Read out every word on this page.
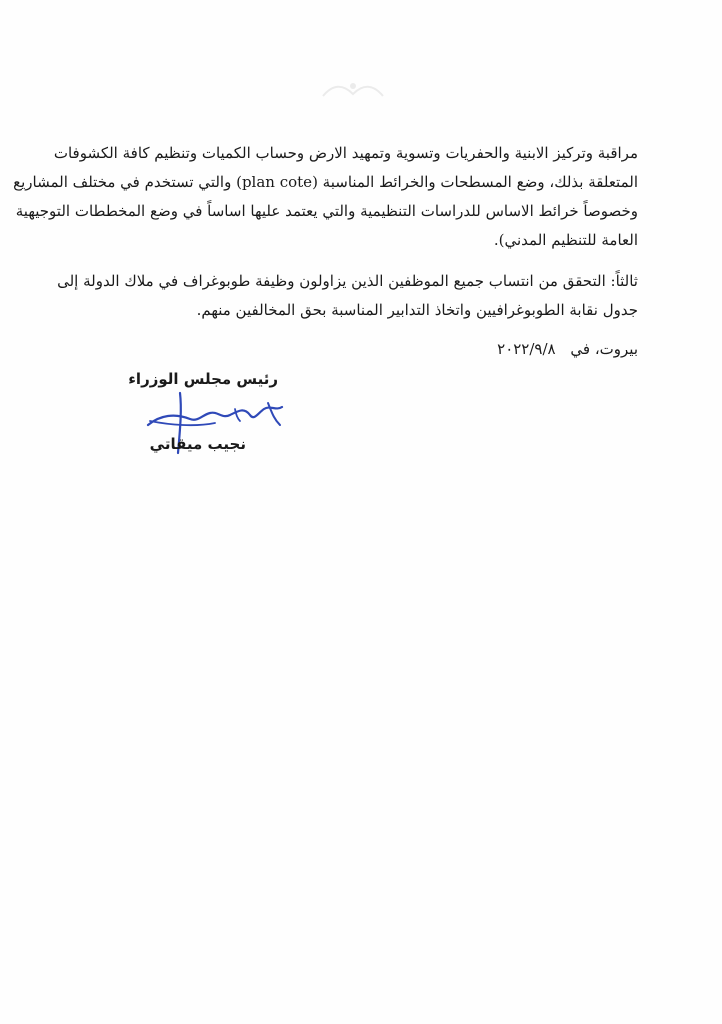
مراقبة وتركيز الابنية والحفريات وتسوية وتمهيد الارض وحساب الكميات وتنظيم كافة الكشوفات
المتعلقة بذلك، وضع المسطحات والخرائط المناسبة (plan cote) والتي تستخدم في مختلف المشاريع
وخصوصاً خرائط الاساس للدراسات التنظيمية والتي يعتمد عليها اساساً في وضع المخططات التوجيهية
العامة للتنظيم المدني).
ثالثاً: التحقق من انتساب جميع الموظفين الذين يزاولون وظيفة طوبوغراف في ملاك الدولة إلى
جدول نقابة الطوبوغرافيين واتخاذ التدابير المناسبة بحق المخالفين منهم.
بيروت، في ٢٠٢٢/٩/٨
رئيس مجلس الوزراء
نجيب ميقاتي
